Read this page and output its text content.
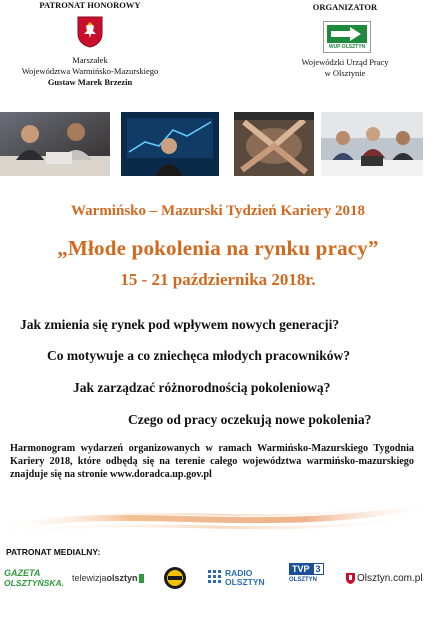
PATRONAT HONOROWY
Marszałek
Województwa Warmińsko-Mazurskiego
Gustaw Marek Brzezin
ORGANIZATOR
WUP OLSZTYN
Wojewódzki Urząd Pracy
w Olsztynie
Warmińsko – Mazurski Tydzień Kariery 2018
„Młode pokolenia na rynku pracy”
15 - 21 października 2018r.
Jak zmienia się rynek pod wpływem nowych generacji?
Co motywuje a co zniechęca młodych pracowników?
Jak zarządzać różnorodnością pokoleniową?
Czego od pracy oczekują nowe pokolenia?
Harmonogram wydarzeń organizowanych w ramach Warmińsko-Mazurskiego Tygodnia Kariery 2018, które odbędą się na terenie całego województwa warmińsko-mazurskiego znajduje się na stronie www.doradca.up.gov.pl
PATRONAT MEDIALNY:
GAZETA
OLSZTYŃSKA. telewizja olsztyn	RADIO
OLSZTYN
TVP 3
OLSZTYN	Olsztyn.com.pl
